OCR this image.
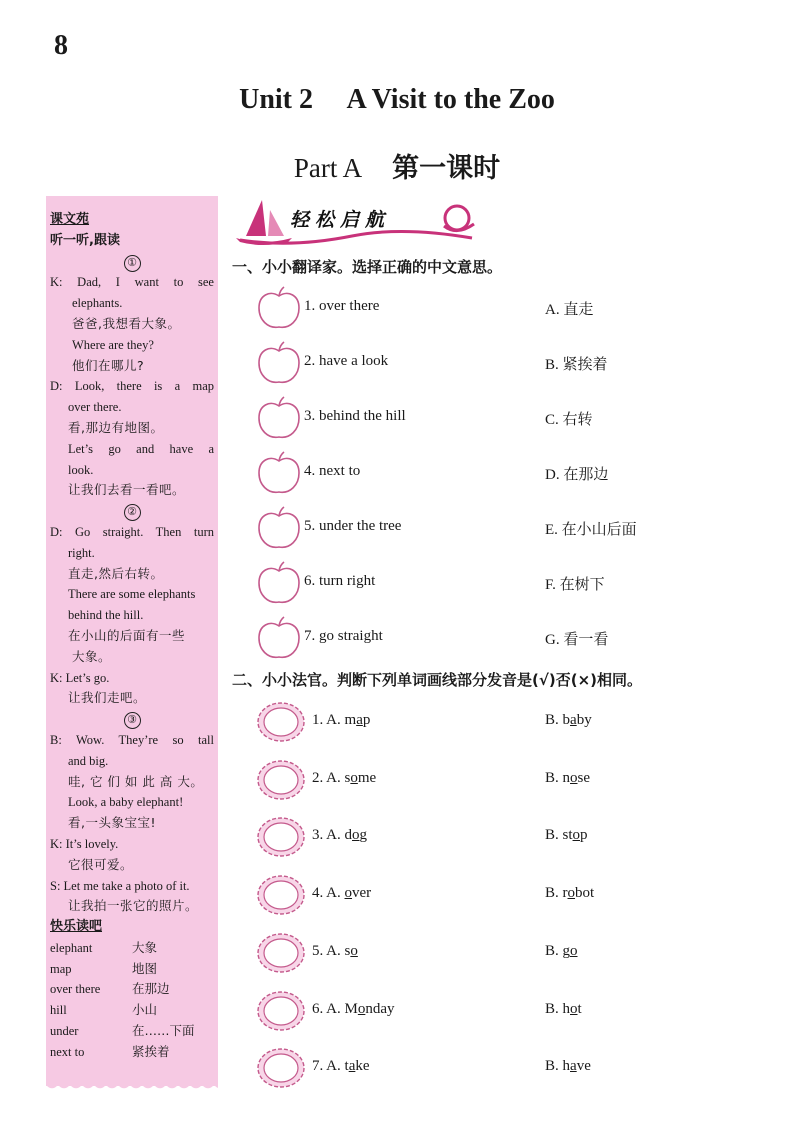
8
Unit 2  A Visit to the Zoo
Part A 第一课时
课文苑
听一听,跟读
①
K: Dad, I want to see
elephants.
爸爸,我想看大象。
Where are they?
他们在哪儿?
D: Look, there is a map
over there.
看,那边有地图。
Let’s go and have a
look.
让我们去看一看吧。
②
D: Go straight. Then turn
right.
直走,然后右转。
There are some elephants
behind the hill.
在小山的后面有一些
大象。
K: Let’s go.
让我们走吧。
③
B: Wow. They’re so tall
and big.
哇, 它 们 如 此 高 大。
Look, a baby elephant!
看,一头象宝宝!
K: It’s lovely.
它很可爱。
S: Let me take a photo of it.
让我拍一张它的照片。
快乐读吧
elephant	大象
map	地图
over there	在那边
hill	小山
under	在……下面
next to	紧挨着
轻松启航
一、小小翻译家。选择正确的中文意思。
1. over there	A. 直走
2. have a look	B. 紧挨着
3. behind the hill	C. 右转
4. next to	D. 在那边
5. under the tree	E. 在小山后面
6. turn right	F. 在树下
7. go straight	G. 看一看
二、小小法官。判断下列单词画线部分发音是(√)否(×)相同。
1. A. map	B. baby
2. A. some	B. nose
3. A. dog	B. stop
4. A. over	B. robot
5. A. so	B. go
6. A. Monday	B. hot
7. A. take	B. have
